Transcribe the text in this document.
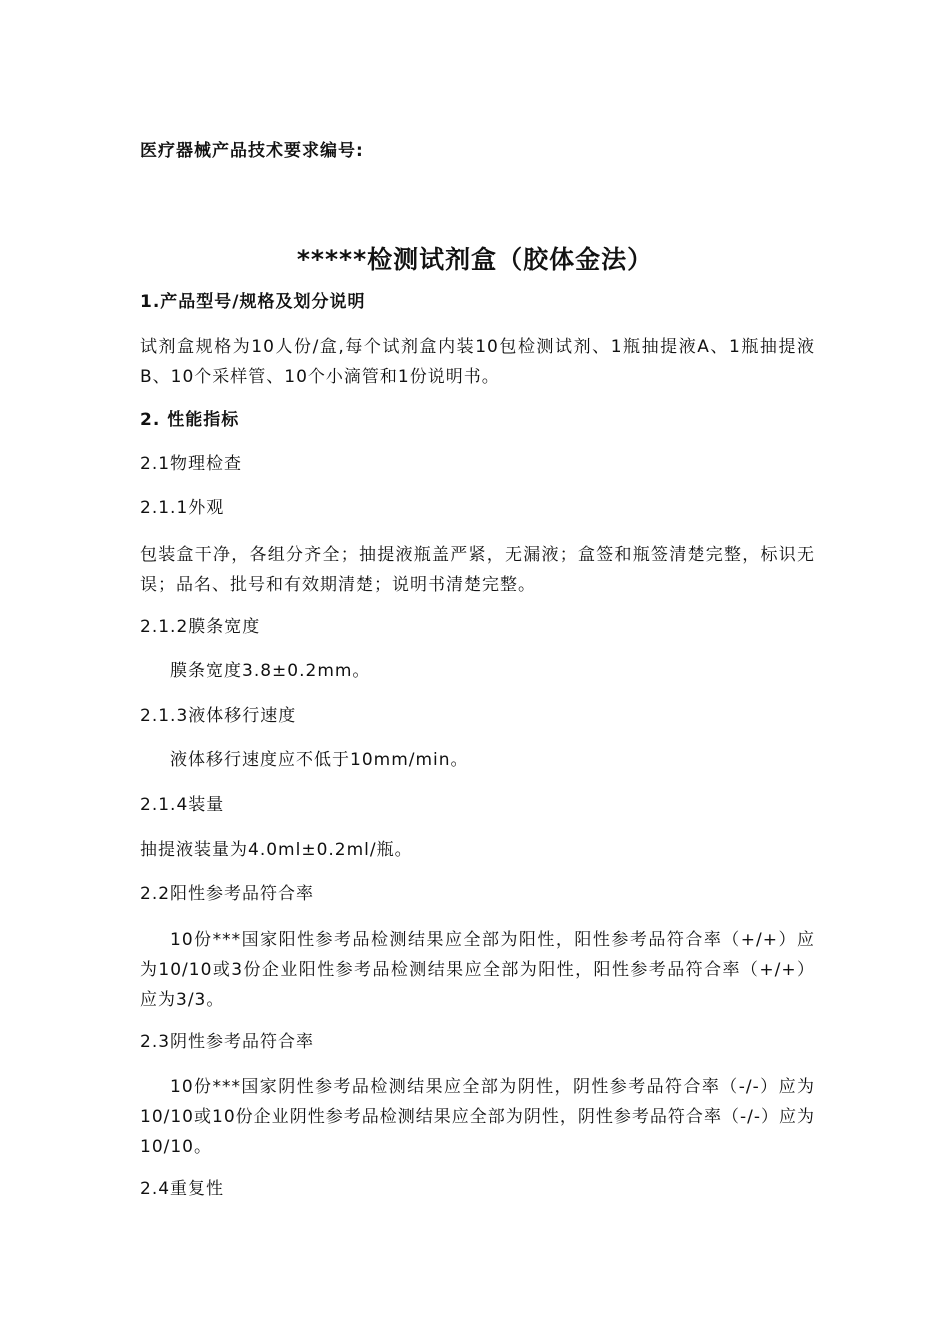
医疗器械产品技术要求编号:
*****检测试剂盒（胶体金法）
1.产品型号/规格及划分说明
试剂盒规格为10人份/盒,每个试剂盒内装10包检测试剂、1瓶抽提液A、1瓶抽提液B、10个采样管、10个小滴管和1份说明书。
2. 性能指标
2.1物理检查
2.1.1外观
包装盒干净，各组分齐全；抽提液瓶盖严紧，无漏液；盒签和瓶签清楚完整，标识无误；品名、批号和有效期清楚；说明书清楚完整。
2.1.2膜条宽度
膜条宽度3.8±0.2mm。
2.1.3液体移行速度
液体移行速度应不低于10mm/min。
2.1.4装量
抽提液装量为4.0ml±0.2ml/瓶。
2.2阳性参考品符合率
10份***国家阳性参考品检测结果应全部为阳性，阳性参考品符合率（+/+）应为10/10或3份企业阳性参考品检测结果应全部为阳性，阳性参考品符合率（+/+）应为3/3。
2.3阴性参考品符合率
10份***国家阴性参考品检测结果应全部为阴性，阴性参考品符合率（-/-）应为10/10或10份企业阴性参考品检测结果应全部为阴性，阴性参考品符合率（-/-）应为10/10。
2.4重复性
